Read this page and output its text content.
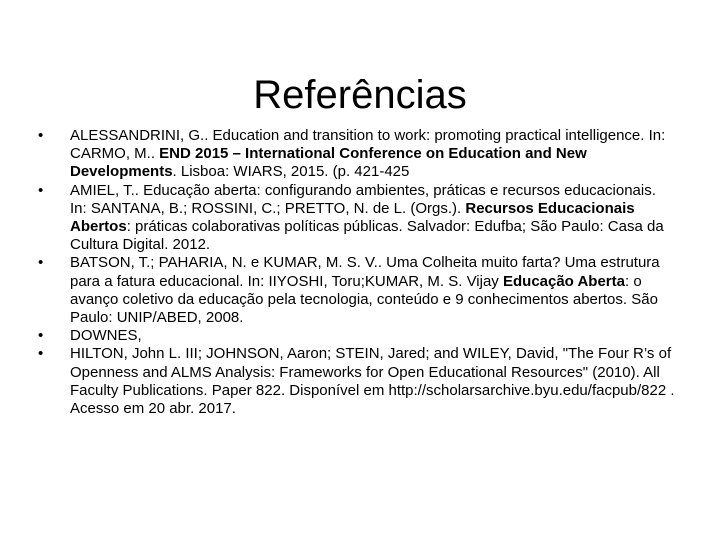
Referências
• ALESSANDRINI, G.. Education and transition to work: promoting practical intelligence. In: CARMO, M.. END 2015 – International Conference on Education and New Developments. Lisboa: WIARS, 2015. (p. 421-425
• AMIEL, T.. Educação aberta: configurando ambientes, práticas e recursos educacionais. In: SANTANA, B.; ROSSINI, C.; PRETTO, N. de L. (Orgs.). Recursos Educacionais Abertos: práticas colaborativas políticas públicas. Salvador: Edufba; São Paulo: Casa da Cultura Digital. 2012.
• BATSON, T.; PAHARIA, N. e KUMAR, M. S. V.. Uma Colheita muito farta? Uma estrutura para a fatura educacional. In: IIYOSHI, Toru;KUMAR, M. S. Vijay Educação Aberta: o avanço coletivo da educação pela tecnologia, conteúdo e 9 conhecimentos abertos. São Paulo: UNIP/ABED, 2008.
• DOWNES,
• HILTON, John L. III; JOHNSON, Aaron; STEIN, Jared; and WILEY, David, "The Four R’s of Openness and ALMS Analysis: Frameworks for Open Educational Resources" (2010). All Faculty Publications. Paper 822. Disponível em http://scholarsarchive.byu.edu/facpub/822 . Acesso em 20 abr. 2017.
